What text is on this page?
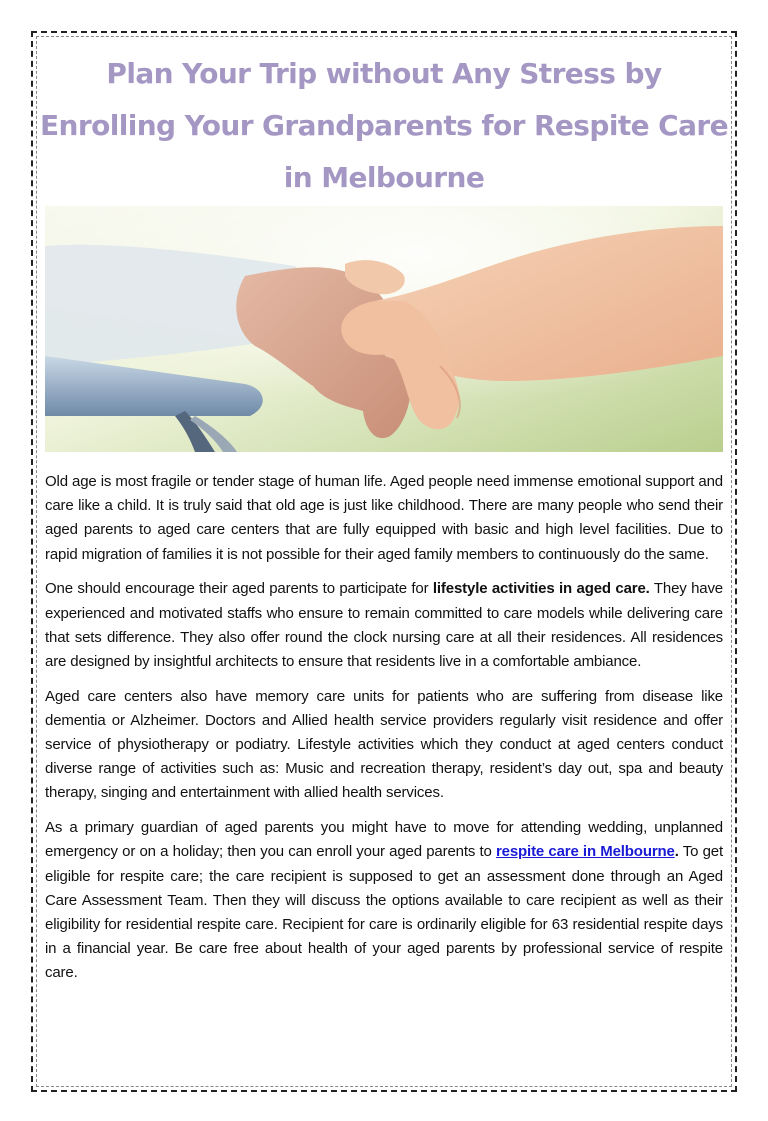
Plan Your Trip without Any Stress by Enrolling Your Grandparents for Respite Care in Melbourne

Old age is most fragile or tender stage of human life. Aged people need immense emotional support and care like a child. It is truly said that old age is just like childhood. There are many people who send their aged parents to aged care centers that are fully equipped with basic and high level facilities. Due to rapid migration of families it is not possible for their aged family members to continuously do the same.

One should encourage their aged parents to participate for lifestyle activities in aged care. They have experienced and motivated staffs who ensure to remain committed to care models while delivering care that sets difference. They also offer round the clock nursing care at all their residences. All residences are designed by insightful architects to ensure that residents live in a comfortable ambiance.

Aged care centers also have memory care units for patients who are suffering from disease like dementia or Alzheimer. Doctors and Allied health service providers regularly visit residence and offer service of physiotherapy or podiatry. Lifestyle activities which they conduct at aged centers conduct diverse range of activities such as: Music and recreation therapy, resident’s day out, spa and beauty therapy, singing and entertainment with allied health services.

As a primary guardian of aged parents you might have to move for attending wedding, unplanned emergency or on a holiday; then you can enroll your aged parents to respite care in Melbourne. To get eligible for respite care; the care recipient is supposed to get an assessment done through an Aged Care Assessment Team. Then they will discuss the options available to care recipient as well as their eligibility for residential respite care. Recipient for care is ordinarily eligible for 63 residential respite days in a financial year. Be care free about health of your aged parents by professional service of respite care.
